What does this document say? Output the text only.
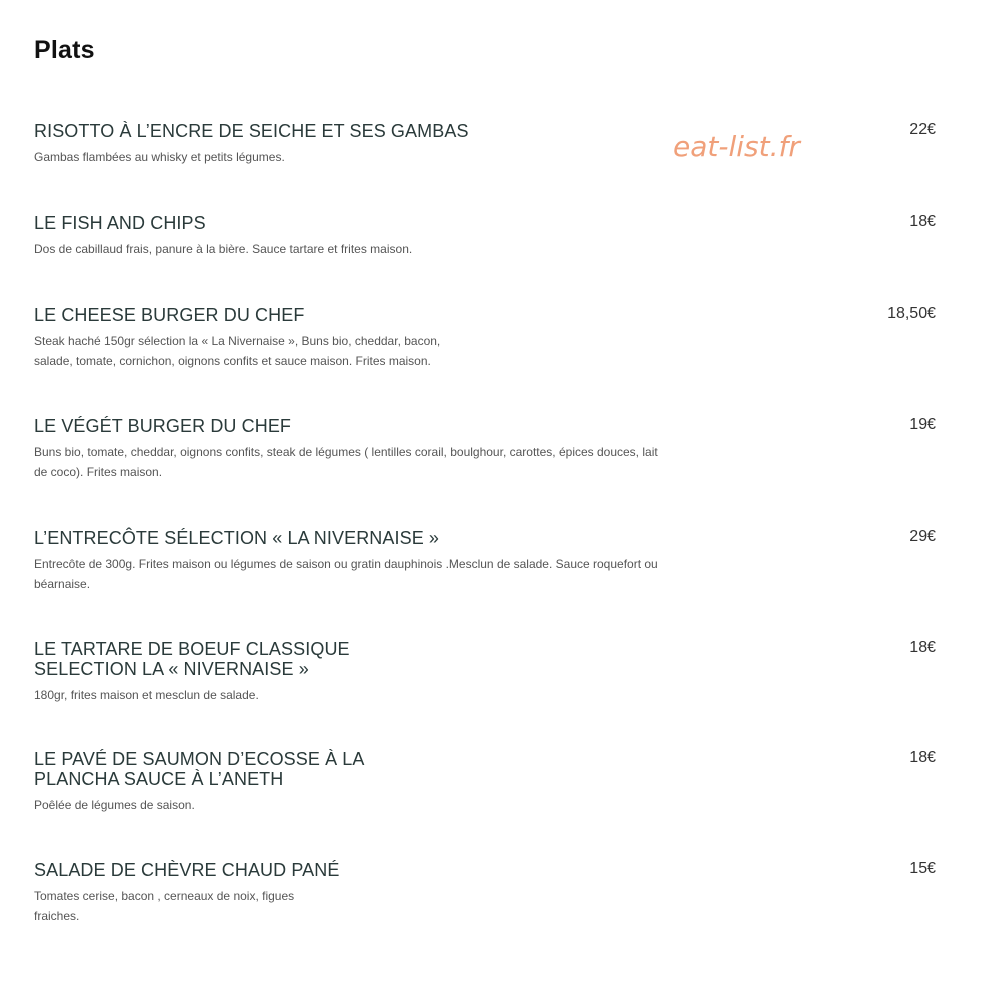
Plats
eat-list.fr
RISOTTO À L’ENCRE DE SEICHE ET SES GAMBAS
Gambas flambées au whisky et petits légumes.
22€
LE FISH AND CHIPS
Dos de cabillaud frais, panure à la bière. Sauce tartare et frites maison.
18€
LE CHEESE BURGER DU CHEF
Steak haché 150gr sélection la « La Nivernaise », Buns bio, cheddar, bacon,
salade, tomate, cornichon, oignons confits et sauce maison. Frites maison.
18,50€
LE VÉGÉT BURGER DU CHEF
Buns bio, tomate, cheddar, oignons confits, steak de légumes ( lentilles corail, boulghour, carottes, épices douces, lait
de coco). Frites maison.
19€
L’ENTRECÔTE SÉLECTION « LA NIVERNAISE »
Entrecôte de 300g. Frites maison ou légumes de saison ou gratin dauphinois .Mesclun de salade. Sauce roquefort ou
béarnaise.
29€
LE TARTARE DE BOEUF CLASSIQUE
SELECTION LA « NIVERNAISE »
180gr, frites maison et mesclun de salade.
18€
LE PAVÉ DE SAUMON D’ECOSSE À LA
PLANCHA SAUCE À L’ANETH
Poêlée de légumes de saison.
18€
SALADE DE CHÈVRE CHAUD PANÉ
Tomates cerise, bacon , cerneaux de noix, figues
fraiches.
15€
